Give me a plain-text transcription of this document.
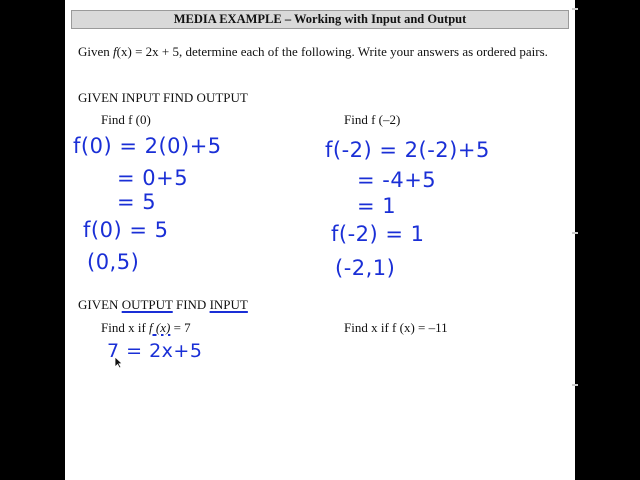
MEDIA EXAMPLE – Working with Input and Output
Given f(x) = 2x + 5, determine each of the following. Write your answers as ordered pairs.
GIVEN INPUT FIND OUTPUT
Find f (0)	Find f (–2)
f(0) = 2(0)+5
= 0+5
= 5
f(0) = 5
(0,5)
f(-2) = 2(-2)+5
= -4+5
= 1
f(-2) = 1
(-2,1)
GIVEN OUTPUT FIND INPUT
Find x if f (x) = 7	Find x if f (x) = –11
7 = 2x+5
